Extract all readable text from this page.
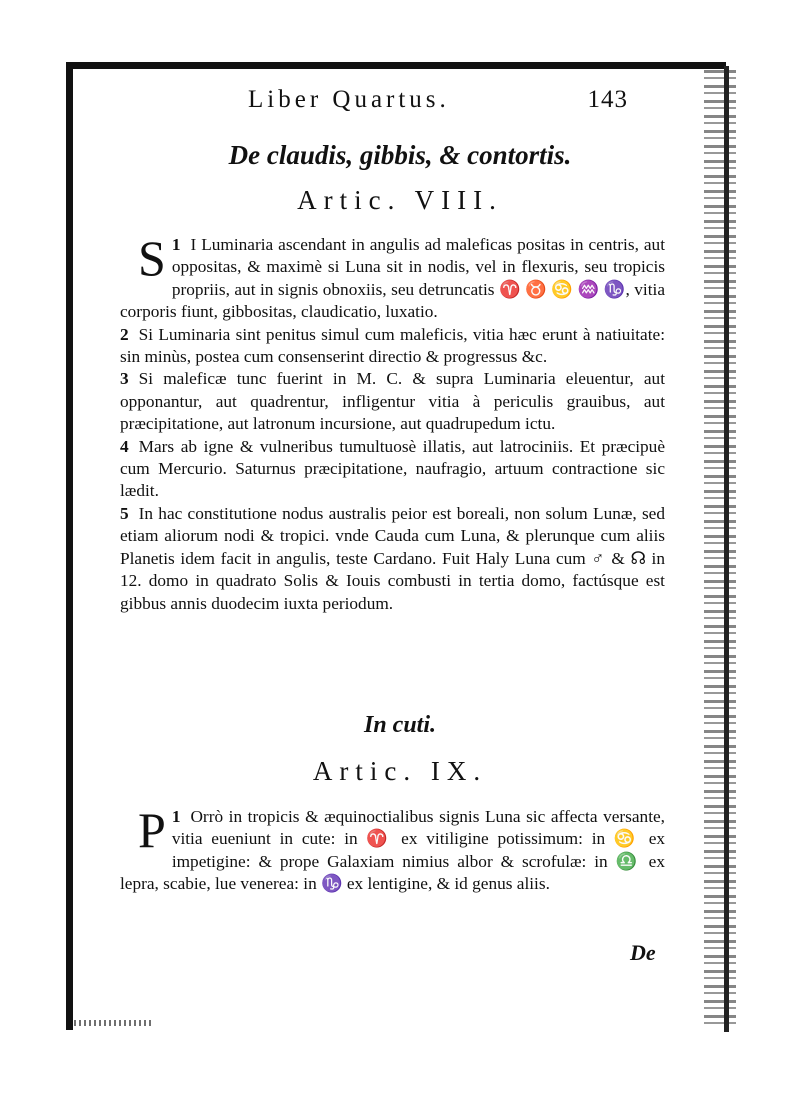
Liber Quartus.	143
De claudis, gibbis, & contortis.
Artic. VIII.

1
S I Luminaria ascendant in angulis ad maleficas positas in centris, aut oppositas, & maximè si Luna sit in nodis, vel in flexuris, seu tropicis propriis, aut in signis obnoxiis, seu detruncatis ♈ ♉ ♋ ♒ ♑, vitia corporis fiunt, gibbositas, claudicatio, luxatio.

2 Si Luminaria sint penitus simul cum maleficis, vitia hæc erunt à natiuitate: sin minùs, postea cum consenserint directio & progressus &c.

3 Si maleficæ tunc fuerint in M. C. & supra Luminaria eleuentur, aut opponantur, aut quadrentur, infligentur vitia à periculis grauibus, aut præcipitatione, aut latronum incursione, aut quadrupedum ictu.

4 Mars ab igne & vulneribus tumultuosè illatis, aut latrociniis. Et præcipuè cum Mercurio. Saturnus præcipitatione, naufragio, artuum contractione sic lædit.

5 In hac constitutione nodus australis peior est boreali, non solum Lunæ, sed etiam aliorum nodi & tropici. vnde Cauda cum Luna, & plerunque cum aliis Planetis idem facit in angulis, teste Cardano. Fuit Haly Luna cum ♂ & ☊ in 12. domo in quadrato Solis & Iouis combusti in tertia domo, factúsque est gibbus annis duodecim iuxta periodum.

In cuti.
Artic. IX.

1
P Orrò in tropicis & æquinoctialibus signis Luna sic affecta versante, vitia eueniunt in cute: in ♈ ex vitiligine potissimum: in ♋ ex impetigine: & prope Galaxiam nimius albor & scrofulæ: in ♎ ex lepra, scabie, lue venerea: in ♑ ex lentigine, & id genus aliis.

De
